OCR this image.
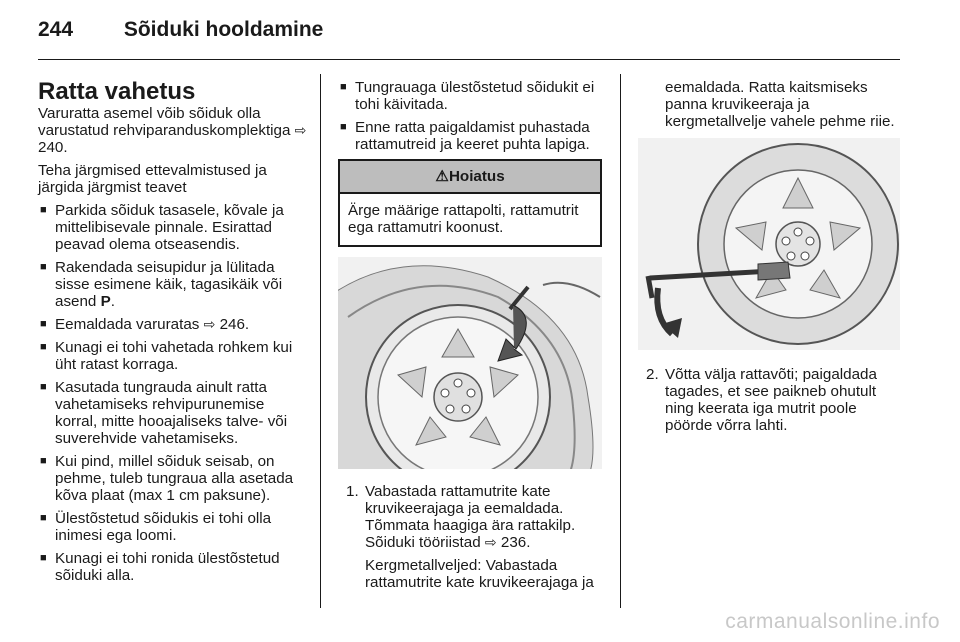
244 Sõiduki hooldamine
Ratta vahetus

Varuratta asemel võib sõiduk olla varustatud rehviparanduskomplektiga ⇨ 240.

Teha järgmised ettevalmistused ja järgida järgmist teavet

■ Parkida sõiduk tasasele, kõvale ja mittelibisevale pinnale. Esirattad peavad olema otseasendis.
■ Rakendada seisupidur ja lülitada sisse esimene käik, tagasikäik või asend P.
■ Eemaldada varuratas ⇨ 246.
■ Kunagi ei tohi vahetada rohkem kui üht ratast korraga.
■ Kasutada tungrauda ainult ratta vahetamiseks rehvipurunemise korral, mitte hooajaliseks talve- või suverehvide vahetamiseks.
■ Kui pind, millel sõiduk seisab, on pehme, tuleb tungraua alla asetada kõva plaat (max 1 cm paksune).
■ Ülestõstetud sõidukis ei tohi olla inimesi ega loomi.
■ Kunagi ei tohi ronida ülestõstetud sõiduki alla.
■ Tungrauaga ülestõstetud sõidukit ei tohi käivitada.
■ Enne ratta paigaldamist puhastada rattamutreid ja keeret puhta lapiga.
⚠Hoiatus
Ärge määrige rattapolti, rattamutrit ega rattamutri koonust.
1. Vabastada rattamutrite kate kruvikeerajaga ja eemaldada. Tõmmata haagiga ära rattakilp. Sõiduki tööriistad ⇨ 236.

Kergmetallveljed: Vabastada rattamutrite kate kruvikeerajaga ja

eemaldada. Ratta kaitsmiseks panna kruvikeeraja ja kergmetallvelje vahele pehme riie.

2. Võtta välja rattavõti; paigaldada tagades, et see paikneb ohutult ning keerata iga mutrit poole pöörde võrra lahti.
carmanualsonline.info
